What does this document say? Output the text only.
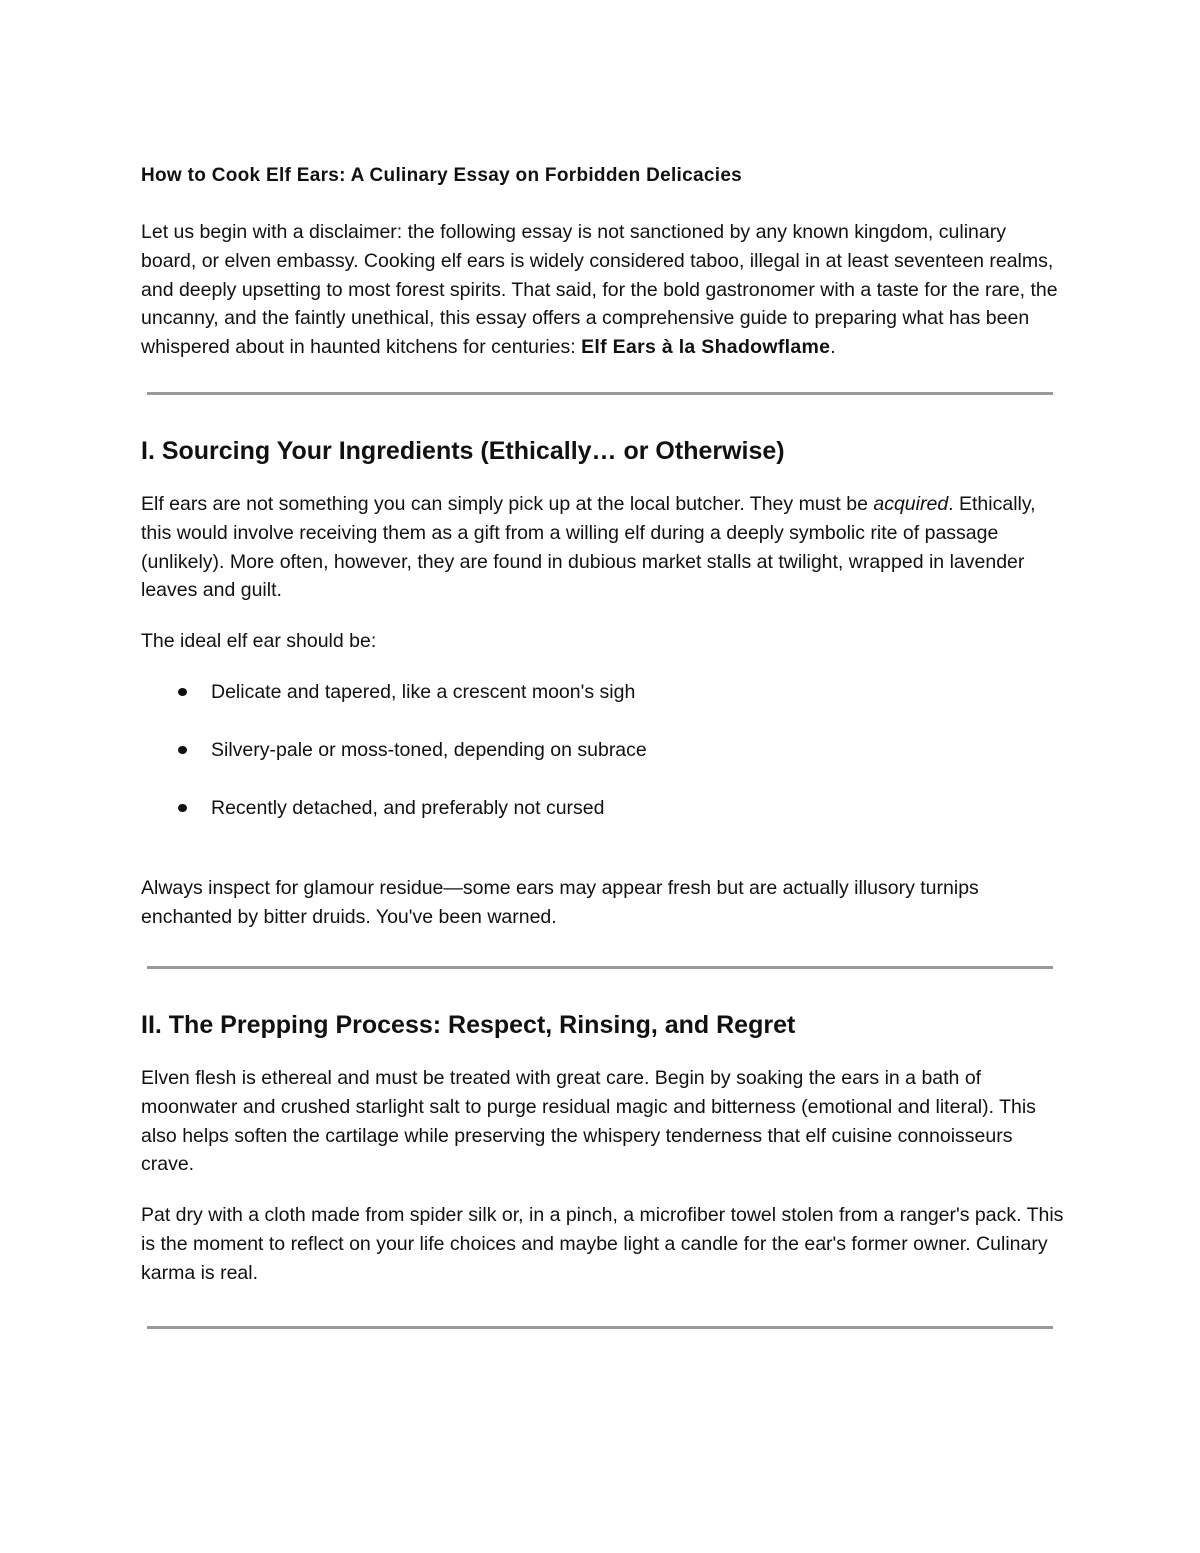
How to Cook Elf Ears: A Culinary Essay on Forbidden Delicacies

Let us begin with a disclaimer: the following essay is not sanctioned by any known kingdom, culinary board, or elven embassy. Cooking elf ears is widely considered taboo, illegal in at least seventeen realms, and deeply upsetting to most forest spirits. That said, for the bold gastronomer with a taste for the rare, the uncanny, and the faintly unethical, this essay offers a comprehensive guide to preparing what has been whispered about in haunted kitchens for centuries: Elf Ears à la Shadowflame.

I. Sourcing Your Ingredients (Ethically… or Otherwise)

Elf ears are not something you can simply pick up at the local butcher. They must be acquired. Ethically, this would involve receiving them as a gift from a willing elf during a deeply symbolic rite of passage (unlikely). More often, however, they are found in dubious market stalls at twilight, wrapped in lavender leaves and guilt.

The ideal elf ear should be:

Delicate and tapered, like a crescent moon's sigh
Silvery-pale or moss-toned, depending on subrace
Recently detached, and preferably not cursed

Always inspect for glamour residue—some ears may appear fresh but are actually illusory turnips enchanted by bitter druids. You've been warned.

II. The Prepping Process: Respect, Rinsing, and Regret

Elven flesh is ethereal and must be treated with great care. Begin by soaking the ears in a bath of moonwater and crushed starlight salt to purge residual magic and bitterness (emotional and literal). This also helps soften the cartilage while preserving the whispery tenderness that elf cuisine connoisseurs crave.

Pat dry with a cloth made from spider silk or, in a pinch, a microfiber towel stolen from a ranger's pack. This is the moment to reflect on your life choices and maybe light a candle for the ear's former owner. Culinary karma is real.
